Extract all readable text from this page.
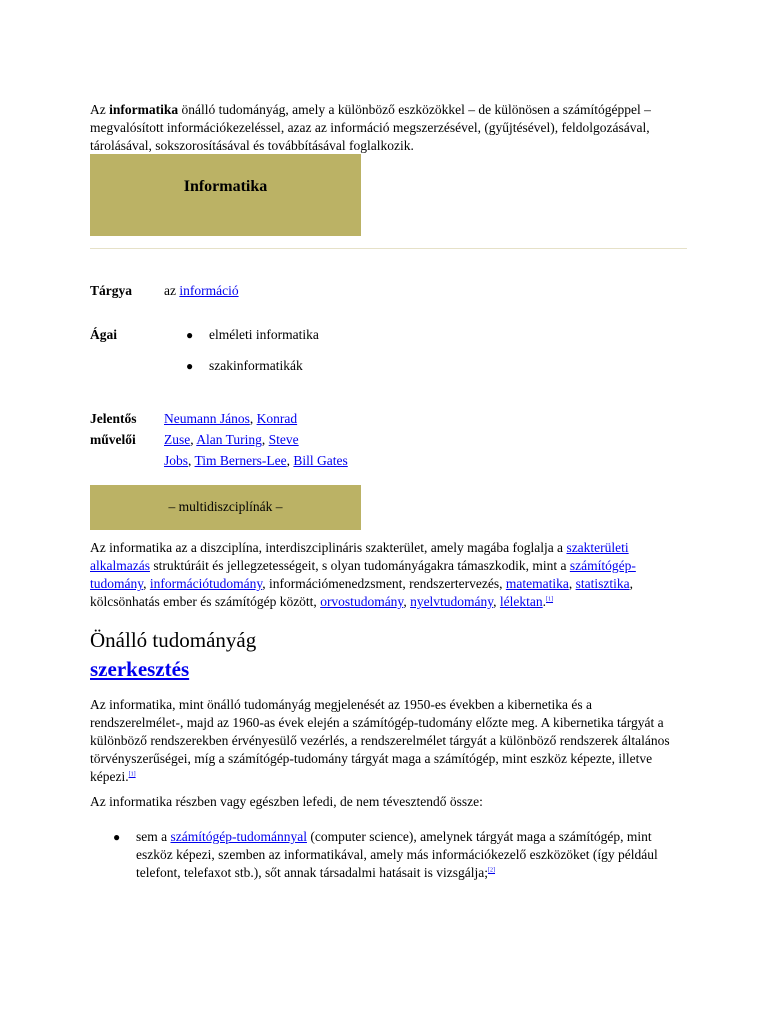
Az informatika önálló tudományág, amely a különböző eszközökkel – de különösen a számítógéppel – megvalósított információkezeléssel, azaz az információ megszerzésével, (gyűjtésével), feldolgozásával, tárolásával, sokszorosításával és továbbításával foglalkozik.

Informatika
Tárgya az információ
Ágai	● elméleti informatika
● szakinformatikák
Jelentős
művelői
Neumann János, Konrad
Zuse, Alan Turing, Steve
Jobs, Tim Berners-Lee, Bill Gates
– multidiszciplínák –

Az informatika az a diszciplína, interdiszciplináris szakterület, amely magába foglalja a szakterületi alkalmazás struktúráit és jellegzetességeit, s olyan tudományágakra támaszkodik, mint a számítógép-tudomány, információtudomány, információmenedzsment, rendszertervezés, matematika, statisztika, kölcsönhatás ember és számítógép között, orvostudomány, nyelvtudomány, lélektan.[1]

Önálló tudományág
szerkesztés

Az informatika, mint önálló tudományág megjelenését az 1950-es években a kibernetika és a rendszerelmélet-, majd az 1960-as évek elején a számítógép-tudomány előzte meg. A kibernetika tárgyát a különböző rendszerekben érvényesülő vezérlés, a rendszerelmélet tárgyát a különböző rendszerek általános törvényszerűségei, míg a számítógép-tudomány tárgyát maga a számítógép, mint eszköz képezte, illetve képezi.[1]

Az informatika részben vagy egészben lefedi, de nem tévesztendő össze:

● sem a számítógép-tudománnyal (computer science), amelynek tárgyát maga a számítógép, mint eszköz képezi, szemben az informatikával, amely más információkezelő eszközöket (így például telefont, telefaxot stb.), sőt annak társadalmi hatásait is vizsgálja;[2]
